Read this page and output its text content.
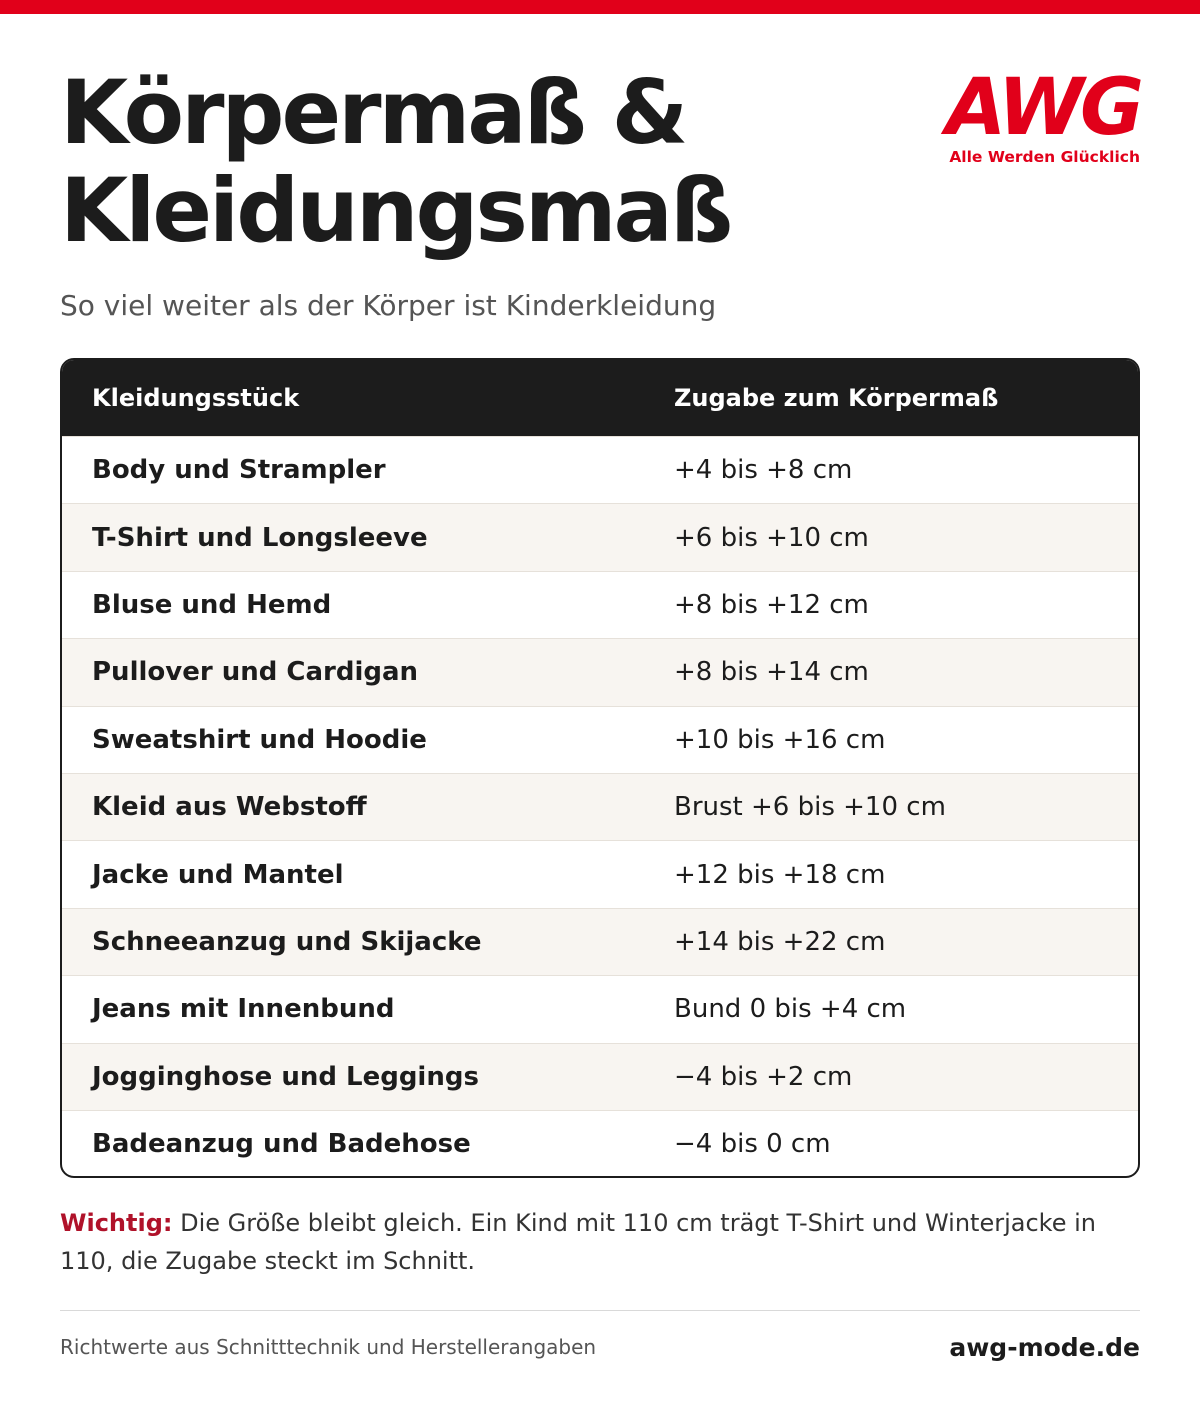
Körpermaß &
Kleidungsmaß

So viel weiter als der Körper ist Kinderkleidung

AWG
Alle Werden Glücklich
Kleidungsstück	Zugabe zum Körpermaß
Body und Strampler	+4 bis +8 cm
T-Shirt und Longsleeve	+6 bis +10 cm
Bluse und Hemd	+8 bis +12 cm
Pullover und Cardigan	+8 bis +14 cm
Sweatshirt und Hoodie	+10 bis +16 cm
Kleid aus Webstoff	Brust +6 bis +10 cm
Jacke und Mantel	+12 bis +18 cm
Schneeanzug und Skijacke	+14 bis +22 cm
Jeans mit Innenbund	Bund 0 bis +4 cm
Jogginghose und Leggings	−4 bis +2 cm
Badeanzug und Badehose	−4 bis 0 cm

Wichtig: Die Größe bleibt gleich. Ein Kind mit 110 cm trägt T-Shirt und Winterjacke in 110, die Zugabe steckt im Schnitt.

Richtwerte aus Schnitttechnik und Herstellerangaben	awg-mode.de
